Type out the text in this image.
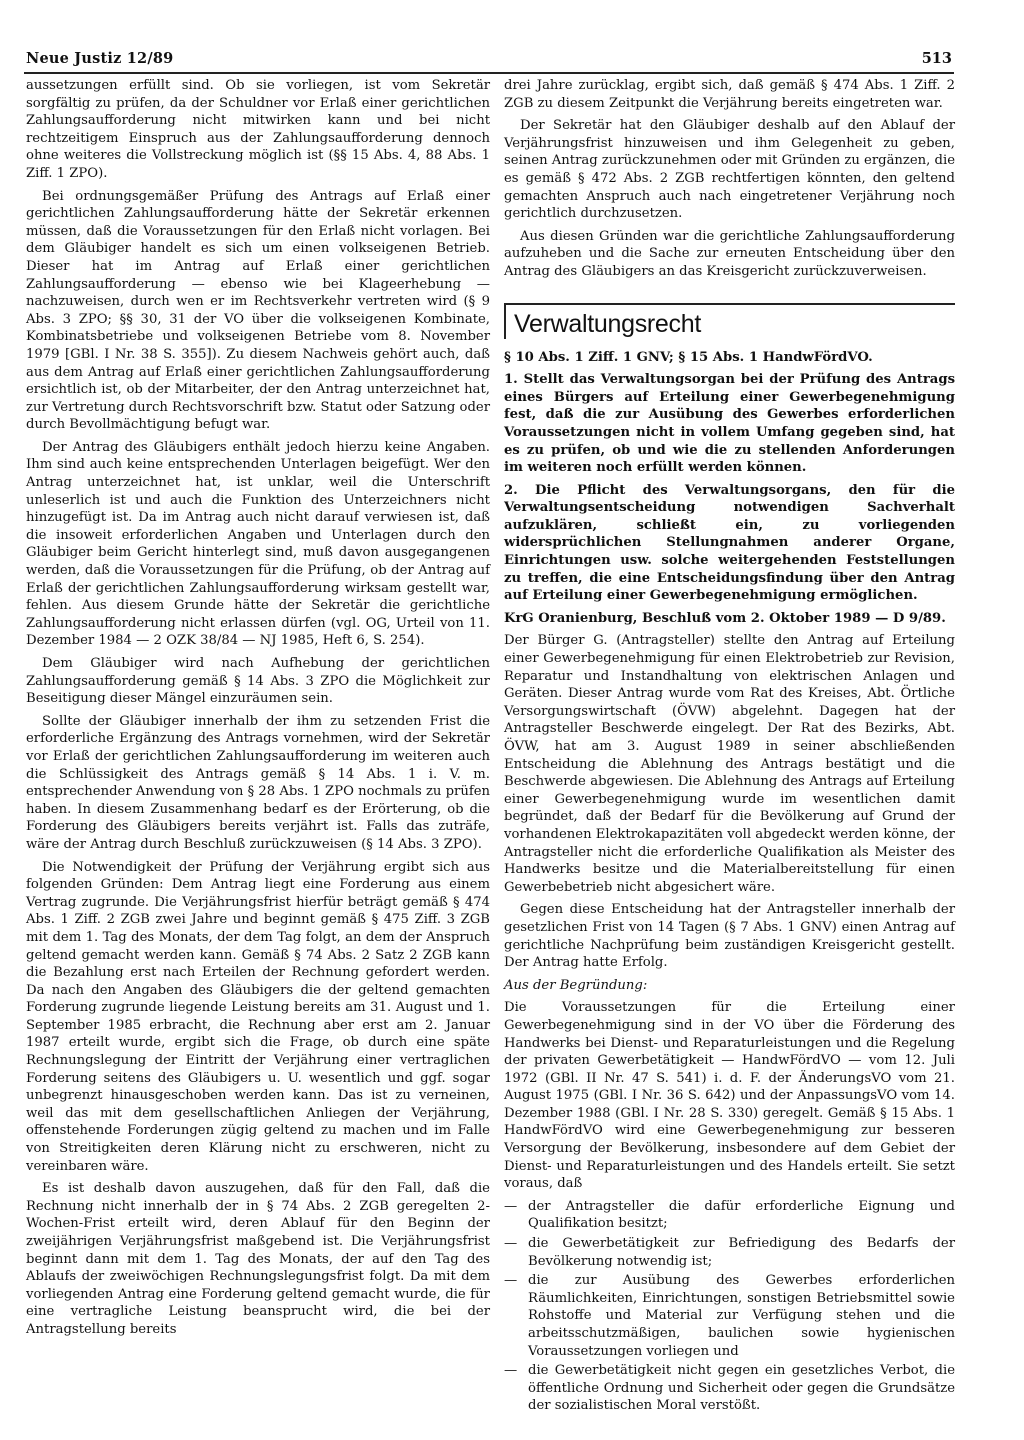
Neue Justiz 12/89	513

aussetzungen erfüllt sind. Ob sie vorliegen, ist vom Sekretär sorgfältig zu prüfen, da der Schuldner vor Erlaß einer gerichtlichen Zahlungsaufforderung nicht mitwirken kann und bei nicht rechtzeitigem Einspruch aus der Zahlungsaufforderung dennoch ohne weiteres die Vollstreckung möglich ist (§§ 15 Abs. 4, 88 Abs. 1 Ziff. 1 ZPO).

Bei ordnungsgemäßer Prüfung des Antrags auf Erlaß einer gerichtlichen Zahlungsaufforderung hätte der Sekretär erkennen müssen, daß die Voraussetzungen für den Erlaß nicht vorlagen. Bei dem Gläubiger handelt es sich um einen volkseigenen Betrieb. Dieser hat im Antrag auf Erlaß einer gerichtlichen Zahlungsaufforderung — ebenso wie bei Klageerhebung — nachzuweisen, durch wen er im Rechtsverkehr vertreten wird (§ 9 Abs. 3 ZPO; §§ 30, 31 der VO über die volkseigenen Kombinate, Kombinatsbetriebe und volkseigenen Betriebe vom 8. November 1979 [GBl. I Nr. 38 S. 355]). Zu diesem Nachweis gehört auch, daß aus dem Antrag auf Erlaß einer gerichtlichen Zahlungsaufforderung ersichtlich ist, ob der Mitarbeiter, der den Antrag unterzeichnet hat, zur Vertretung durch Rechtsvorschrift bzw. Statut oder Satzung oder durch Bevollmächtigung befugt war.

Der Antrag des Gläubigers enthält jedoch hierzu keine Angaben. Ihm sind auch keine entsprechenden Unterlagen beigefügt. Wer den Antrag unterzeichnet hat, ist unklar, weil die Unterschrift unleserlich ist und auch die Funktion des Unterzeichners nicht hinzugefügt ist. Da im Antrag auch nicht darauf verwiesen ist, daß die insoweit erforderlichen Angaben und Unterlagen durch den Gläubiger beim Gericht hinterlegt sind, muß davon ausgegangenen werden, daß die Voraussetzungen für die Prüfung, ob der Antrag auf Erlaß der gerichtlichen Zahlungsaufforderung wirksam gestellt war, fehlen. Aus diesem Grunde hätte der Sekretär die gerichtliche Zahlungsaufforderung nicht erlassen dürfen (vgl. OG, Urteil von 11. Dezember 1984 — 2 OZK 38/84 — NJ 1985, Heft 6, S. 254).

Dem Gläubiger wird nach Aufhebung der gerichtlichen Zahlungsaufforderung gemäß § 14 Abs. 3 ZPO die Möglichkeit zur Beseitigung dieser Mängel einzuräumen sein.

Sollte der Gläubiger innerhalb der ihm zu setzenden Frist die erforderliche Ergänzung des Antrags vornehmen, wird der Sekretär vor Erlaß der gerichtlichen Zahlungsaufforderung im weiteren auch die Schlüssigkeit des Antrags gemäß § 14 Abs. 1 i. V. m. entsprechender Anwendung von § 28 Abs. 1 ZPO nochmals zu prüfen haben. In diesem Zusammenhang bedarf es der Erörterung, ob die Forderung des Gläubigers bereits verjährt ist. Falls das zuträfe, wäre der Antrag durch Beschluß zurückzuweisen (§ 14 Abs. 3 ZPO).

Die Notwendigkeit der Prüfung der Verjährung ergibt sich aus folgenden Gründen: Dem Antrag liegt eine Forderung aus einem Vertrag zugrunde. Die Verjährungsfrist hierfür beträgt gemäß § 474 Abs. 1 Ziff. 2 ZGB zwei Jahre und beginnt gemäß § 475 Ziff. 3 ZGB mit dem 1. Tag des Monats, der dem Tag folgt, an dem der Anspruch geltend gemacht werden kann. Gemäß § 74 Abs. 2 Satz 2 ZGB kann die Bezahlung erst nach Erteilen der Rechnung gefordert werden. Da nach den Angaben des Gläubigers die der geltend gemachten Forderung zugrunde liegende Leistung bereits am 31. August und 1. September 1985 erbracht, die Rechnung aber erst am 2. Januar 1987 erteilt wurde, ergibt sich die Frage, ob durch eine späte Rechnungslegung der Eintritt der Verjährung einer vertraglichen Forderung seitens des Gläubigers u. U. wesentlich und ggf. sogar unbegrenzt hinausgeschoben werden kann. Das ist zu verneinen, weil das mit dem gesellschaftlichen Anliegen der Verjährung, offenstehende Forderungen zügig geltend zu machen und im Falle von Streitigkeiten deren Klärung nicht zu erschweren, nicht zu vereinbaren wäre.

Es ist deshalb davon auszugehen, daß für den Fall, daß die Rechnung nicht innerhalb der in § 74 Abs. 2 ZGB geregelten 2-Wochen-Frist erteilt wird, deren Ablauf für den Beginn der zweijährigen Verjährungsfrist maßgebend ist. Die Verjährungsfrist beginnt dann mit dem 1. Tag des Monats, der auf den Tag des Ablaufs der zweiwöchigen Rechnungslegungsfrist folgt. Da mit dem vorliegenden Antrag eine Forderung geltend gemacht wurde, die für eine vertragliche Leistung beansprucht wird, die bei der Antragstellung bereits

drei Jahre zurücklag, ergibt sich, daß gemäß § 474 Abs. 1 Ziff. 2 ZGB zu diesem Zeitpunkt die Verjährung bereits eingetreten war.

Der Sekretär hat den Gläubiger deshalb auf den Ablauf der Verjährungsfrist hinzuweisen und ihm Gelegenheit zu geben, seinen Antrag zurückzunehmen oder mit Gründen zu ergänzen, die es gemäß § 472 Abs. 2 ZGB rechtfertigen könnten, den geltend gemachten Anspruch auch nach eingetretener Verjährung noch gerichtlich durchzusetzen.

Aus diesen Gründen war die gerichtliche Zahlungsaufforderung aufzuheben und die Sache zur erneuten Entscheidung über den Antrag des Gläubigers an das Kreisgericht zurückzuverweisen.

Verwaltungsrecht

§ 10 Abs. 1 Ziff. 1 GNV; § 15 Abs. 1 HandwFördVO.

1. Stellt das Verwaltungsorgan bei der Prüfung des Antrags eines Bürgers auf Erteilung einer Gewerbegenehmigung fest, daß die zur Ausübung des Gewerbes erforderlichen Voraussetzungen nicht in vollem Umfang gegeben sind, hat es zu prüfen, ob und wie die zu stellenden Anforderungen im weiteren noch erfüllt werden können.

2. Die Pflicht des Verwaltungsorgans, den für die Verwaltungsentscheidung notwendigen Sachverhalt aufzuklären, schließt ein, zu vorliegenden widersprüchlichen Stellungnahmen anderer Organe, Einrichtungen usw. solche weitergehenden Feststellungen zu treffen, die eine Entscheidungsfindung über den Antrag auf Erteilung einer Gewerbegenehmigung ermöglichen.

KrG Oranienburg, Beschluß vom 2. Oktober 1989 — D 9/89.

Der Bürger G. (Antragsteller) stellte den Antrag auf Erteilung einer Gewerbegenehmigung für einen Elektrobetrieb zur Revision, Reparatur und Instandhaltung von elektrischen Anlagen und Geräten. Dieser Antrag wurde vom Rat des Kreises, Abt. Örtliche Versorgungswirtschaft (ÖVW) abgelehnt. Dagegen hat der Antragsteller Beschwerde eingelegt. Der Rat des Bezirks, Abt. ÖVW, hat am 3. August 1989 in seiner abschließenden Entscheidung die Ablehnung des Antrags bestätigt und die Beschwerde abgewiesen. Die Ablehnung des Antrags auf Erteilung einer Gewerbegenehmigung wurde im wesentlichen damit begründet, daß der Bedarf für die Bevölkerung auf Grund der vorhandenen Elektrokapazitäten voll abgedeckt werden könne, der Antragsteller nicht die erforderliche Qualifikation als Meister des Handwerks besitze und die Materialbereitstellung für einen Gewerbebetrieb nicht abgesichert wäre.

Gegen diese Entscheidung hat der Antragsteller innerhalb der gesetzlichen Frist von 14 Tagen (§ 7 Abs. 1 GNV) einen Antrag auf gerichtliche Nachprüfung beim zuständigen Kreisgericht gestellt. Der Antrag hatte Erfolg.

Aus der Begründung:

Die Voraussetzungen für die Erteilung einer Gewerbegenehmigung sind in der VO über die Förderung des Handwerks bei Dienst- und Reparaturleistungen und die Regelung der privaten Gewerbetätigkeit — HandwFördVO — vom 12. Juli 1972 (GBl. II Nr. 47 S. 541) i. d. F. der ÄnderungsVO vom 21. August 1975 (GBl. I Nr. 36 S. 642) und der AnpassungsVO vom 14. Dezember 1988 (GBl. I Nr. 28 S. 330) geregelt. Gemäß § 15 Abs. 1 HandwFördVO wird eine Gewerbegenehmigung zur besseren Versorgung der Bevölkerung, insbesondere auf dem Gebiet der Dienst- und Reparaturleistungen und des Handels erteilt. Sie setzt voraus, daß

— der Antragsteller die dafür erforderliche Eignung und Qualifikation besitzt;
— die Gewerbetätigkeit zur Befriedigung des Bedarfs der Bevölkerung notwendig ist;
— die zur Ausübung des Gewerbes erforderlichen Räumlichkeiten, Einrichtungen, sonstigen Betriebsmittel sowie Rohstoffe und Material zur Verfügung stehen und die arbeitsschutzmäßigen, baulichen sowie hygienischen Voraussetzungen vorliegen und
— die Gewerbetätigkeit nicht gegen ein gesetzliches Verbot, die öffentliche Ordnung und Sicherheit oder gegen die Grundsätze der sozialistischen Moral verstößt.
